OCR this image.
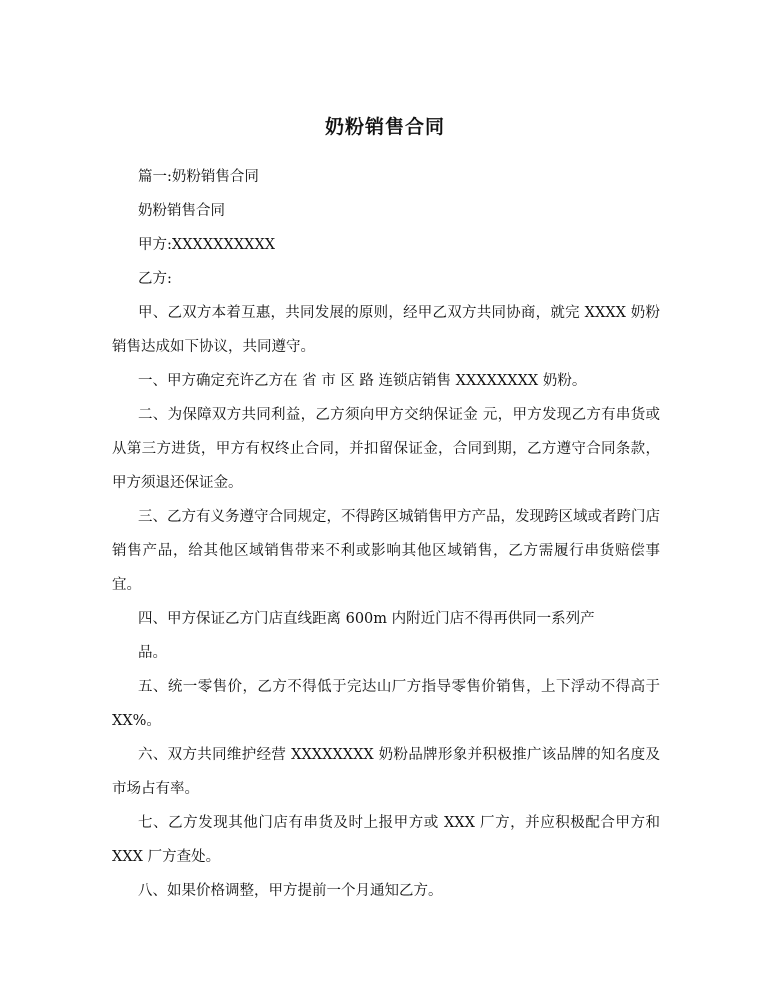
奶粉销售合同

篇一:奶粉销售合同

奶粉销售合同

甲方:XXXXXXXXXX

乙方:

甲、乙双方本着互惠，共同发展的原则，经甲乙双方共同协商，就完 XXXX 奶粉销售达成如下协议，共同遵守。

一、甲方确定充许乙方在 省 市 区 路 连锁店销售 XXXXXXXX 奶粉。

二、为保障双方共同利益，乙方须向甲方交纳保证金 元，甲方发现乙方有串货或从第三方进货，甲方有权终止合同，并扣留保证金，合同到期，乙方遵守合同条款，甲方须退还保证金。

三、乙方有义务遵守合同规定，不得跨区城销售甲方产品，发现跨区域或者跨门店销售产品，给其他区域销售带来不利或影响其他区域销售，乙方需履行串货赔偿事宜。

四、甲方保证乙方门店直线距离 600m 内附近门店不得再供同一系列产

品。

五、统一零售价，乙方不得低于完达山厂方指导零售价销售，上下浮动不得高于 XX%。

六、双方共同维护经营 XXXXXXXX 奶粉品牌形象并积极推广该品牌的知名度及市场占有率。

七、乙方发现其他门店有串货及时上报甲方或 XXX 厂方，并应积极配合甲方和 XXX 厂方查处。

八、如果价格调整，甲方提前一个月通知乙方。
